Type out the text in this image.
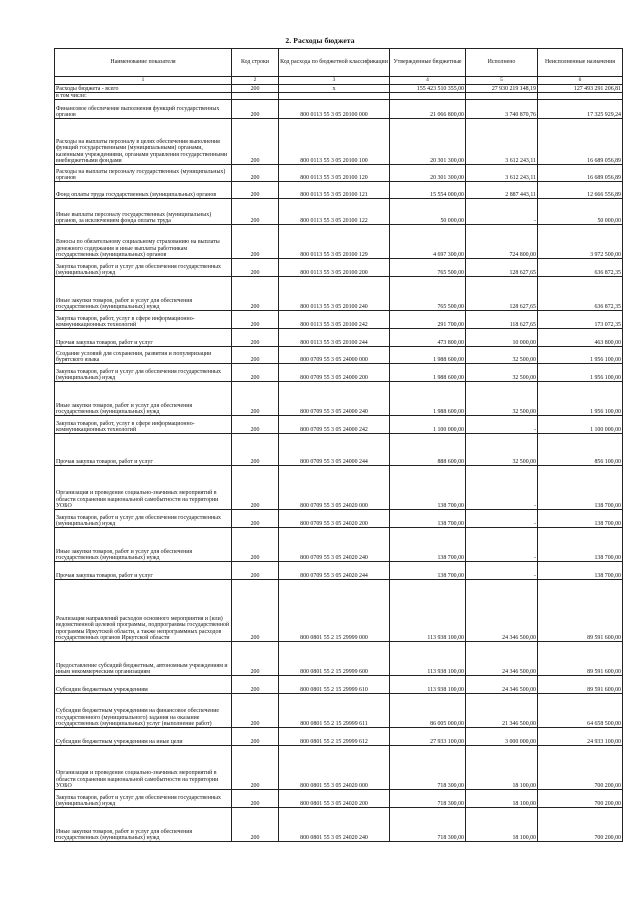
2. Расходы бюджета
Наименование показателя	Код строки	Код расхода по бюджетной классификации	Утвержденные бюджетные	Исполнено	Неисполненные назначения
1	2	3	4	5	6
Расходы бюджета - всего	200	x	155 423 510 355,00	27 930 219 148,19	127 493 291 206,81
в том числе:					
Финансовое обеспечение выполнения функций государственных органов	200	800 0113 55 3 05 20100 000	21 066 800,00	3 740 870,76	17 325 929,24
Расходы на выплаты персоналу в целях обеспечения выполнения функций государственными (муниципальными) органами, казенными учреждениями, органами управления государственными внебюджетными фондами	200	800 0113 55 3 05 20100 100	20 301 300,00	3 612 243,11	16 689 056,89
Расходы на выплаты персоналу государственных (муниципальных) органов	200	800 0113 55 3 05 20100 120	20 301 300,00	3 612 243,11	16 689 056,89
Фонд оплаты труда государственных (муниципальных) органов	200	800 0113 55 3 05 20100 121	15 554 000,00	2 887 443,11	12 666 556,89
Иные выплаты персоналу государственных (муниципальных) органов, за исключением фонда оплаты труда	200	800 0113 55 3 05 20100 122	50 000,00	-	50 000,00
Взносы по обязательному социальному страхованию на выплаты денежного содержания и иные выплаты работникам государственных (муниципальных) органов	200	800 0113 55 3 05 20100 129	4 697 300,00	724 800,00	3 972 500,00
Закупка товаров, работ и услуг для обеспечения государственных (муниципальных) нужд	200	800 0113 55 3 05 20100 200	765 500,00	128 627,65	636 872,35
Иные закупки товаров, работ и услуг для обеспечения государственных (муниципальных) нужд	200	800 0113 55 3 05 20100 240	765 500,00	128 627,65	636 872,35
Закупка товаров, работ, услуг в сфере информационно-коммуникационных технологий	200	800 0113 55 3 05 20100 242	291 700,00	118 627,65	173 072,35
Прочая закупка товаров, работ и услуг	200	800 0113 55 3 05 20100 244	473 800,00	10 000,00	463 800,00
Создание условий для сохранения, развития и популяризации бурятского языка	200	800 0709 55 3 05 24000 000	1 988 600,00	32 500,00	1 956 100,00
Закупка товаров, работ и услуг для обеспечения государственных (муниципальных) нужд	200	800 0709 55 3 05 24000 200	1 988 600,00	32 500,00	1 956 100,00
Иные закупки товаров, работ и услуг для обеспечения государственных (муниципальных) нужд	200	800 0709 55 3 05 24000 240	1 988 600,00	32 500,00	1 956 100,00
Закупка товаров, работ, услуг в сфере информационно-коммуникационных технологий	200	800 0709 55 3 05 24000 242	1 100 000,00	-	1 100 000,00
Прочая закупка товаров, работ и услуг	200	800 0709 55 3 05 24000 244	888 600,00	32 500,00	856 100,00
Организация и проведение социально-значимых мероприятий в области сохранения национальной самобытности на территории УОБО	200	800 0709 55 3 05 24020 000	138 700,00	-	138 700,00
Закупка товаров, работ и услуг для обеспечения государственных (муниципальных) нужд	200	800 0709 55 3 05 24020 200	138 700,00	-	138 700,00
Иные закупки товаров, работ и услуг для обеспечения государственных (муниципальных) нужд	200	800 0709 55 3 05 24020 240	138 700,00	-	138 700,00
Прочая закупка товаров, работ и услуг	200	800 0709 55 3 05 24020 244	138 700,00	-	138 700,00
Реализация направлений расходов основного мероприятия и (или) ведомственной целевой программы, подпрограммы государственной программы Иркутской области, а также непрограммных расходов государственных органов Иркутской области	200	800 0801 55 2 15 29999 000	113 938 100,00	24 346 500,00	89 591 600,00
Предоставление субсидий бюджетным, автономным учреждениям и иным некоммерческим организациям	200	800 0801 55 2 15 29999 600	113 938 100,00	24 346 500,00	89 591 600,00
Субсидии бюджетным учреждениям	200	800 0801 55 2 15 29999 610	113 938 100,00	24 346 500,00	89 591 600,00
Субсидии бюджетным учреждениям на финансовое обеспечение государственного (муниципального) задания на оказание государственных (муниципальных) услуг (выполнение работ)	200	800 0801 55 2 15 29999 611	86 005 000,00	21 346 500,00	64 658 500,00
Субсидии бюджетным учреждениям на иные цели	200	800 0801 55 2 15 29999 612	27 933 100,00	3 000 000,00	24 933 100,00
Организация и проведение социально-значимых мероприятий в области сохранения национальной самобытности на территории УОБО	200	800 0801 55 3 05 24020 000	718 300,00	18 100,00	700 200,00
Закупка товаров, работ и услуг для обеспечения государственных (муниципальных) нужд	200	800 0801 55 3 05 24020 200	718 300,00	18 100,00	700 200,00
Иные закупки товаров, работ и услуг для обеспечения государственных (муниципальных) нужд	200	800 0801 55 3 05 24020 240	718 300,00	18 100,00	700 200,00
